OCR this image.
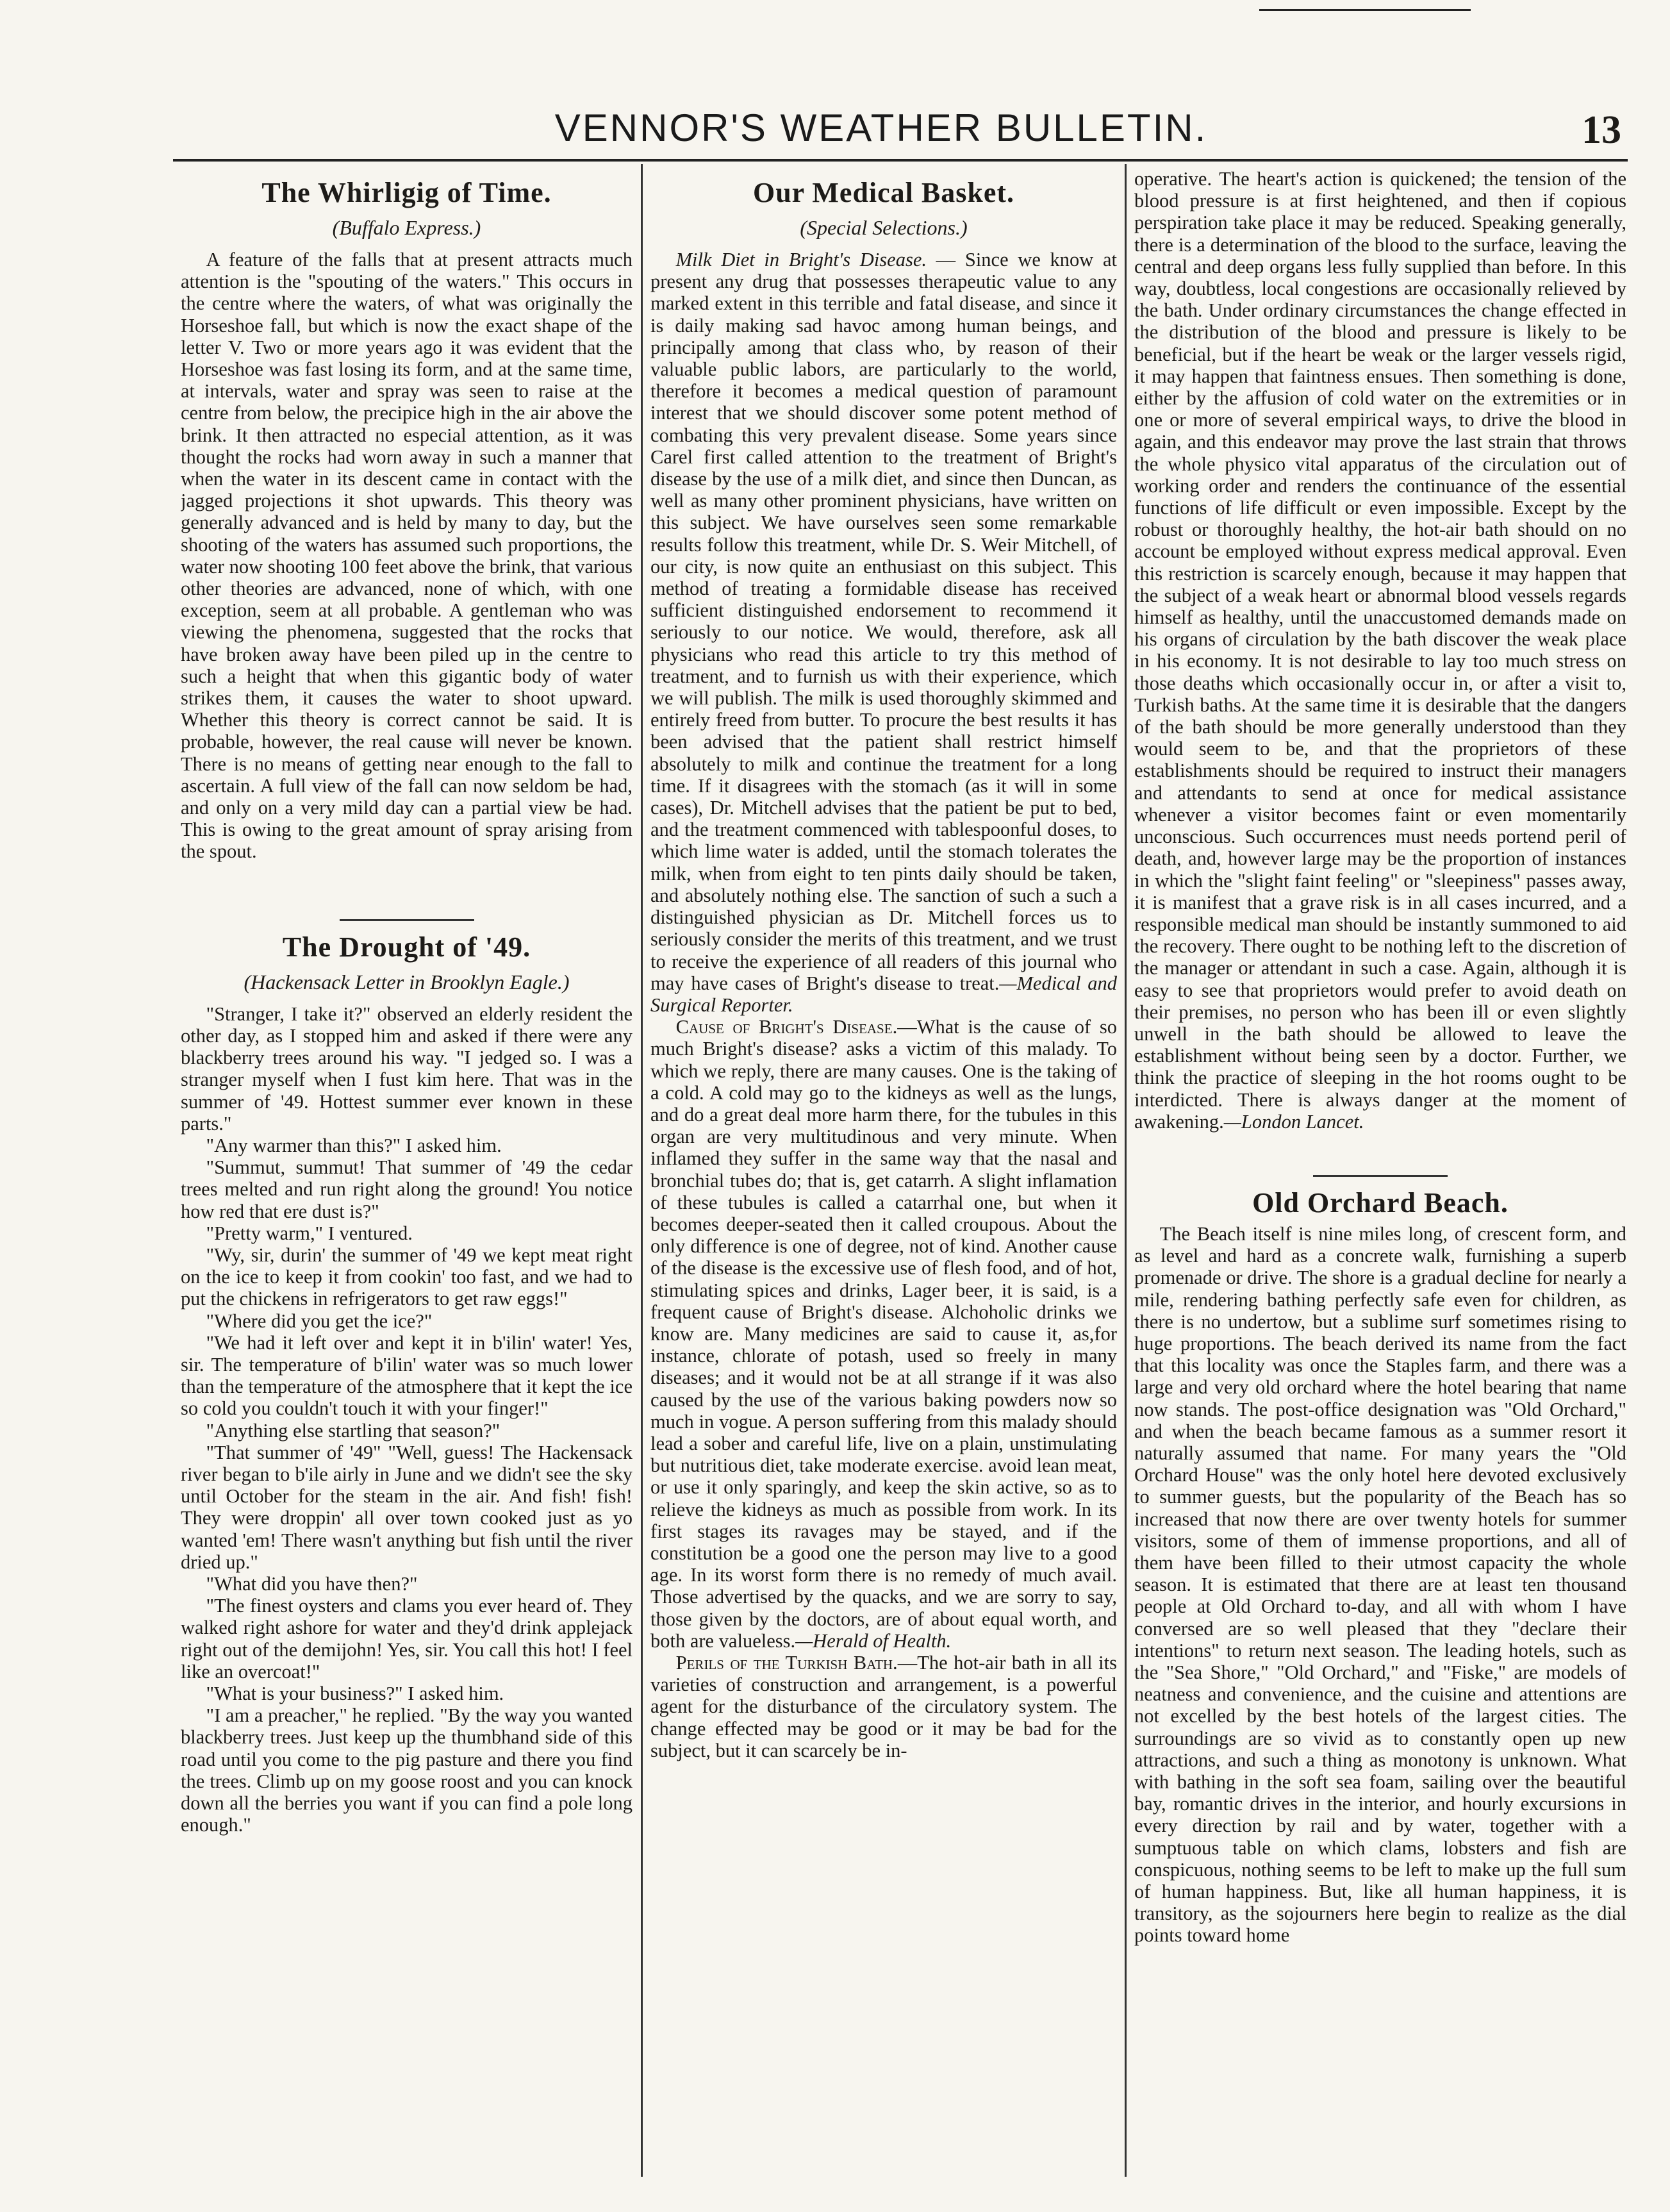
VENNOR'S WEATHER BULLETIN.	13
The Whirligig of Time.
(Buffalo Express.)

A feature of the falls that at present attracts much attention is the "spouting of the waters." This occurs in the centre where the waters, of what was originally the Horseshoe fall, but which is now the exact shape of the letter V. Two or more years ago it was evident that the Horseshoe was fast losing its form, and at the same time, at intervals, water and spray was seen to raise at the centre from below, the precipice high in the air above the brink. It then attracted no especial attention, as it was thought the rocks had worn away in such a manner that when the water in its descent came in contact with the jagged projections it shot upwards. This theory was generally advanced and is held by many to day, but the shooting of the waters has assumed such proportions, the water now shooting 100 feet above the brink, that various other theories are advanced, none of which, with one exception, seem at all probable. A gentleman who was viewing the phenomena, suggested that the rocks that have broken away have been piled up in the centre to such a height that when this gigantic body of water strikes them, it causes the water to shoot upward. Whether this theory is correct cannot be said. It is probable, however, the real cause will never be known. There is no means of getting near enough to the fall to ascertain. A full view of the fall can now seldom be had, and only on a very mild day can a partial view be had. This is owing to the great amount of spray arising from the spout.

The Drought of '49.
(Hackensack Letter in Brooklyn Eagle.)

"Stranger, I take it?" observed an elderly resident the other day, as I stopped him and asked if there were any blackberry trees around his way. "I jedged so. I was a stranger myself when I fust kim here. That was in the summer of '49. Hottest summer ever known in these parts."

"Any warmer than this?" I asked him.

"Summut, summut! That summer of '49 the cedar trees melted and run right along the ground! You notice how red that ere dust is?"

"Pretty warm," I ventured.

"Wy, sir, durin' the summer of '49 we kept meat right on the ice to keep it from cookin' too fast, and we had to put the chickens in refrigerators to get raw eggs!"

"Where did you get the ice?"

"We had it left over and kept it in b'ilin' water! Yes, sir. The temperature of b'ilin' water was so much lower than the temperature of the atmosphere that it kept the ice so cold you couldn't touch it with your finger!"

"Anything else startling that season?"

"That summer of '49" "Well, guess! The Hackensack river began to b'ile airly in June and we didn't see the sky until October for the steam in the air. And fish! fish! They were droppin' all over town cooked just as yo wanted 'em! There wasn't anything but fish until the river dried up."

"What did you have then?"

"The finest oysters and clams you ever heard of. They walked right ashore for water and they'd drink applejack right out of the demijohn! Yes, sir. You call this hot! I feel like an overcoat!"

"What is your business?" I asked him.

"I am a preacher," he replied. "By the way you wanted blackberry trees. Just keep up the thumbhand side of this road until you come to the pig pasture and there you find the trees. Climb up on my goose roost and you can knock down all the berries you want if you can find a pole long enough."

Our Medical Basket.
(Special Selections.)

Milk Diet in Bright's Disease. — Since we know at present any drug that possesses therapeutic value to any marked extent in this terrible and fatal disease, and since it is daily making sad havoc among human beings, and principally among that class who, by reason of their valuable public labors, are particularly to the world, therefore it becomes a medical question of paramount interest that we should discover some potent method of combating this very prevalent disease. Some years since Carel first called attention to the treatment of Bright's disease by the use of a milk diet, and since then Duncan, as well as many other prominent physicians, have written on this subject. We have ourselves seen some remarkable results follow this treatment, while Dr. S. Weir Mitchell, of our city, is now quite an enthusiast on this subject. This method of treating a formidable disease has received sufficient distinguished endorsement to recommend it seriously to our notice. We would, therefore, ask all physicians who read this article to try this method of treatment, and to furnish us with their experience, which we will publish. The milk is used thoroughly skimmed and entirely freed from butter. To procure the best results it has been advised that the patient shall restrict himself absolutely to milk and continue the treatment for a long time. If it disagrees with the stomach (as it will in some cases), Dr. Mitchell advises that the patient be put to bed, and the treatment commenced with tablespoonful doses, to which lime water is added, until the stomach tolerates the milk, when from eight to ten pints daily should be taken, and absolutely nothing else. The sanction of such a such a distinguished physician as Dr. Mitchell forces us to seriously consider the merits of this treatment, and we trust to receive the experience of all readers of this journal who may have cases of Bright's disease to treat.—Medical and Surgical Reporter.

Cause of Bright's Disease.—What is the cause of so much Bright's disease? asks a victim of this malady. To which we reply, there are many causes. One is the taking of a cold. A cold may go to the kidneys as well as the lungs, and do a great deal more harm there, for the tubules in this organ are very multitudinous and very minute. When inflamed they suffer in the same way that the nasal and bronchial tubes do; that is, get catarrh. A slight inflamation of these tubules is called a catarrhal one, but when it becomes deeper-seated then it called croupous. About the only difference is one of degree, not of kind. Another cause of the disease is the excessive use of flesh food, and of hot, stimulating spices and drinks, Lager beer, it is said, is a frequent cause of Bright's disease. Alchoholic drinks we know are. Many medicines are said to cause it, as,for instance, chlorate of potash, used so freely in many diseases; and it would not be at all strange if it was also caused by the use of the various baking powders now so much in vogue. A person suffering from this malady should lead a sober and careful life, live on a plain, unstimulating but nutritious diet, take moderate exercise. avoid lean meat, or use it only sparingly, and keep the skin active, so as to relieve the kidneys as much as possible from work. In its first stages its ravages may be stayed, and if the constitution be a good one the person may live to a good age. In its worst form there is no remedy of much avail. Those advertised by the quacks, and we are sorry to say, those given by the doctors, are of about equal worth, and both are valueless.—Herald of Health.

Perils of the Turkish Bath.—The hot-air bath in all its varieties of construction and arrangement, is a powerful agent for the disturbance of the circulatory system. The change effected may be good or it may be bad for the subject, but it can scarcely be in-

operative. The heart's action is quickened; the tension of the blood pressure is at first heightened, and then if copious perspiration take place it may be reduced. Speaking generally, there is a determination of the blood to the surface, leaving the central and deep organs less fully supplied than before. In this way, doubtless, local congestions are occasionally relieved by the bath. Under ordinary circumstances the change effected in the distribution of the blood and pressure is likely to be beneficial, but if the heart be weak or the larger vessels rigid, it may happen that faintness ensues. Then something is done, either by the affusion of cold water on the extremities or in one or more of several empirical ways, to drive the blood in again, and this endeavor may prove the last strain that throws the whole physico vital apparatus of the circulation out of working order and renders the continuance of the essential functions of life difficult or even impossible. Except by the robust or thoroughly healthy, the hot-air bath should on no account be employed without express medical approval. Even this restriction is scarcely enough, because it may happen that the subject of a weak heart or abnormal blood vessels regards himself as healthy, until the unaccustomed demands made on his organs of circulation by the bath discover the weak place in his economy. It is not desirable to lay too much stress on those deaths which occasionally occur in, or after a visit to, Turkish baths. At the same time it is desirable that the dangers of the bath should be more generally understood than they would seem to be, and that the proprietors of these establishments should be required to instruct their managers and attendants to send at once for medical assistance whenever a visitor becomes faint or even momentarily unconscious. Such occurrences must needs portend peril of death, and, however large may be the proportion of instances in which the "slight faint feeling" or "sleepiness" passes away, it is manifest that a grave risk is in all cases incurred, and a responsible medical man should be instantly summoned to aid the recovery. There ought to be nothing left to the discretion of the manager or attendant in such a case. Again, although it is easy to see that proprietors would prefer to avoid death on their premises, no person who has been ill or even slightly unwell in the bath should be allowed to leave the establishment without being seen by a doctor. Further, we think the practice of sleeping in the hot rooms ought to be interdicted. There is always danger at the moment of awakening.—London Lancet.

Old Orchard Beach.

The Beach itself is nine miles long, of crescent form, and as level and hard as a concrete walk, furnishing a superb promenade or drive. The shore is a gradual decline for nearly a mile, rendering bathing perfectly safe even for children, as there is no undertow, but a sublime surf sometimes rising to huge proportions. The beach derived its name from the fact that this locality was once the Staples farm, and there was a large and very old orchard where the hotel bearing that name now stands. The post-office designation was "Old Orchard," and when the beach became famous as a summer resort it naturally assumed that name. For many years the "Old Orchard House" was the only hotel here devoted exclusively to summer guests, but the popularity of the Beach has so increased that now there are over twenty hotels for summer visitors, some of them of immense proportions, and all of them have been filled to their utmost capacity the whole season. It is estimated that there are at least ten thousand people at Old Orchard to-day, and all with whom I have conversed are so well pleased that they "declare their intentions" to return next season. The leading hotels, such as the "Sea Shore," "Old Orchard," and "Fiske," are models of neatness and convenience, and the cuisine and attentions are not excelled by the best hotels of the largest cities. The surroundings are so vivid as to constantly open up new attractions, and such a thing as monotony is unknown. What with bathing in the soft sea foam, sailing over the beautiful bay, romantic drives in the interior, and hourly excursions in every direction by rail and by water, together with a sumptuous table on which clams, lobsters and fish are conspicuous, nothing seems to be left to make up the full sum of human happiness. But, like all human happiness, it is transitory, as the sojourners here begin to realize as the dial points toward home
